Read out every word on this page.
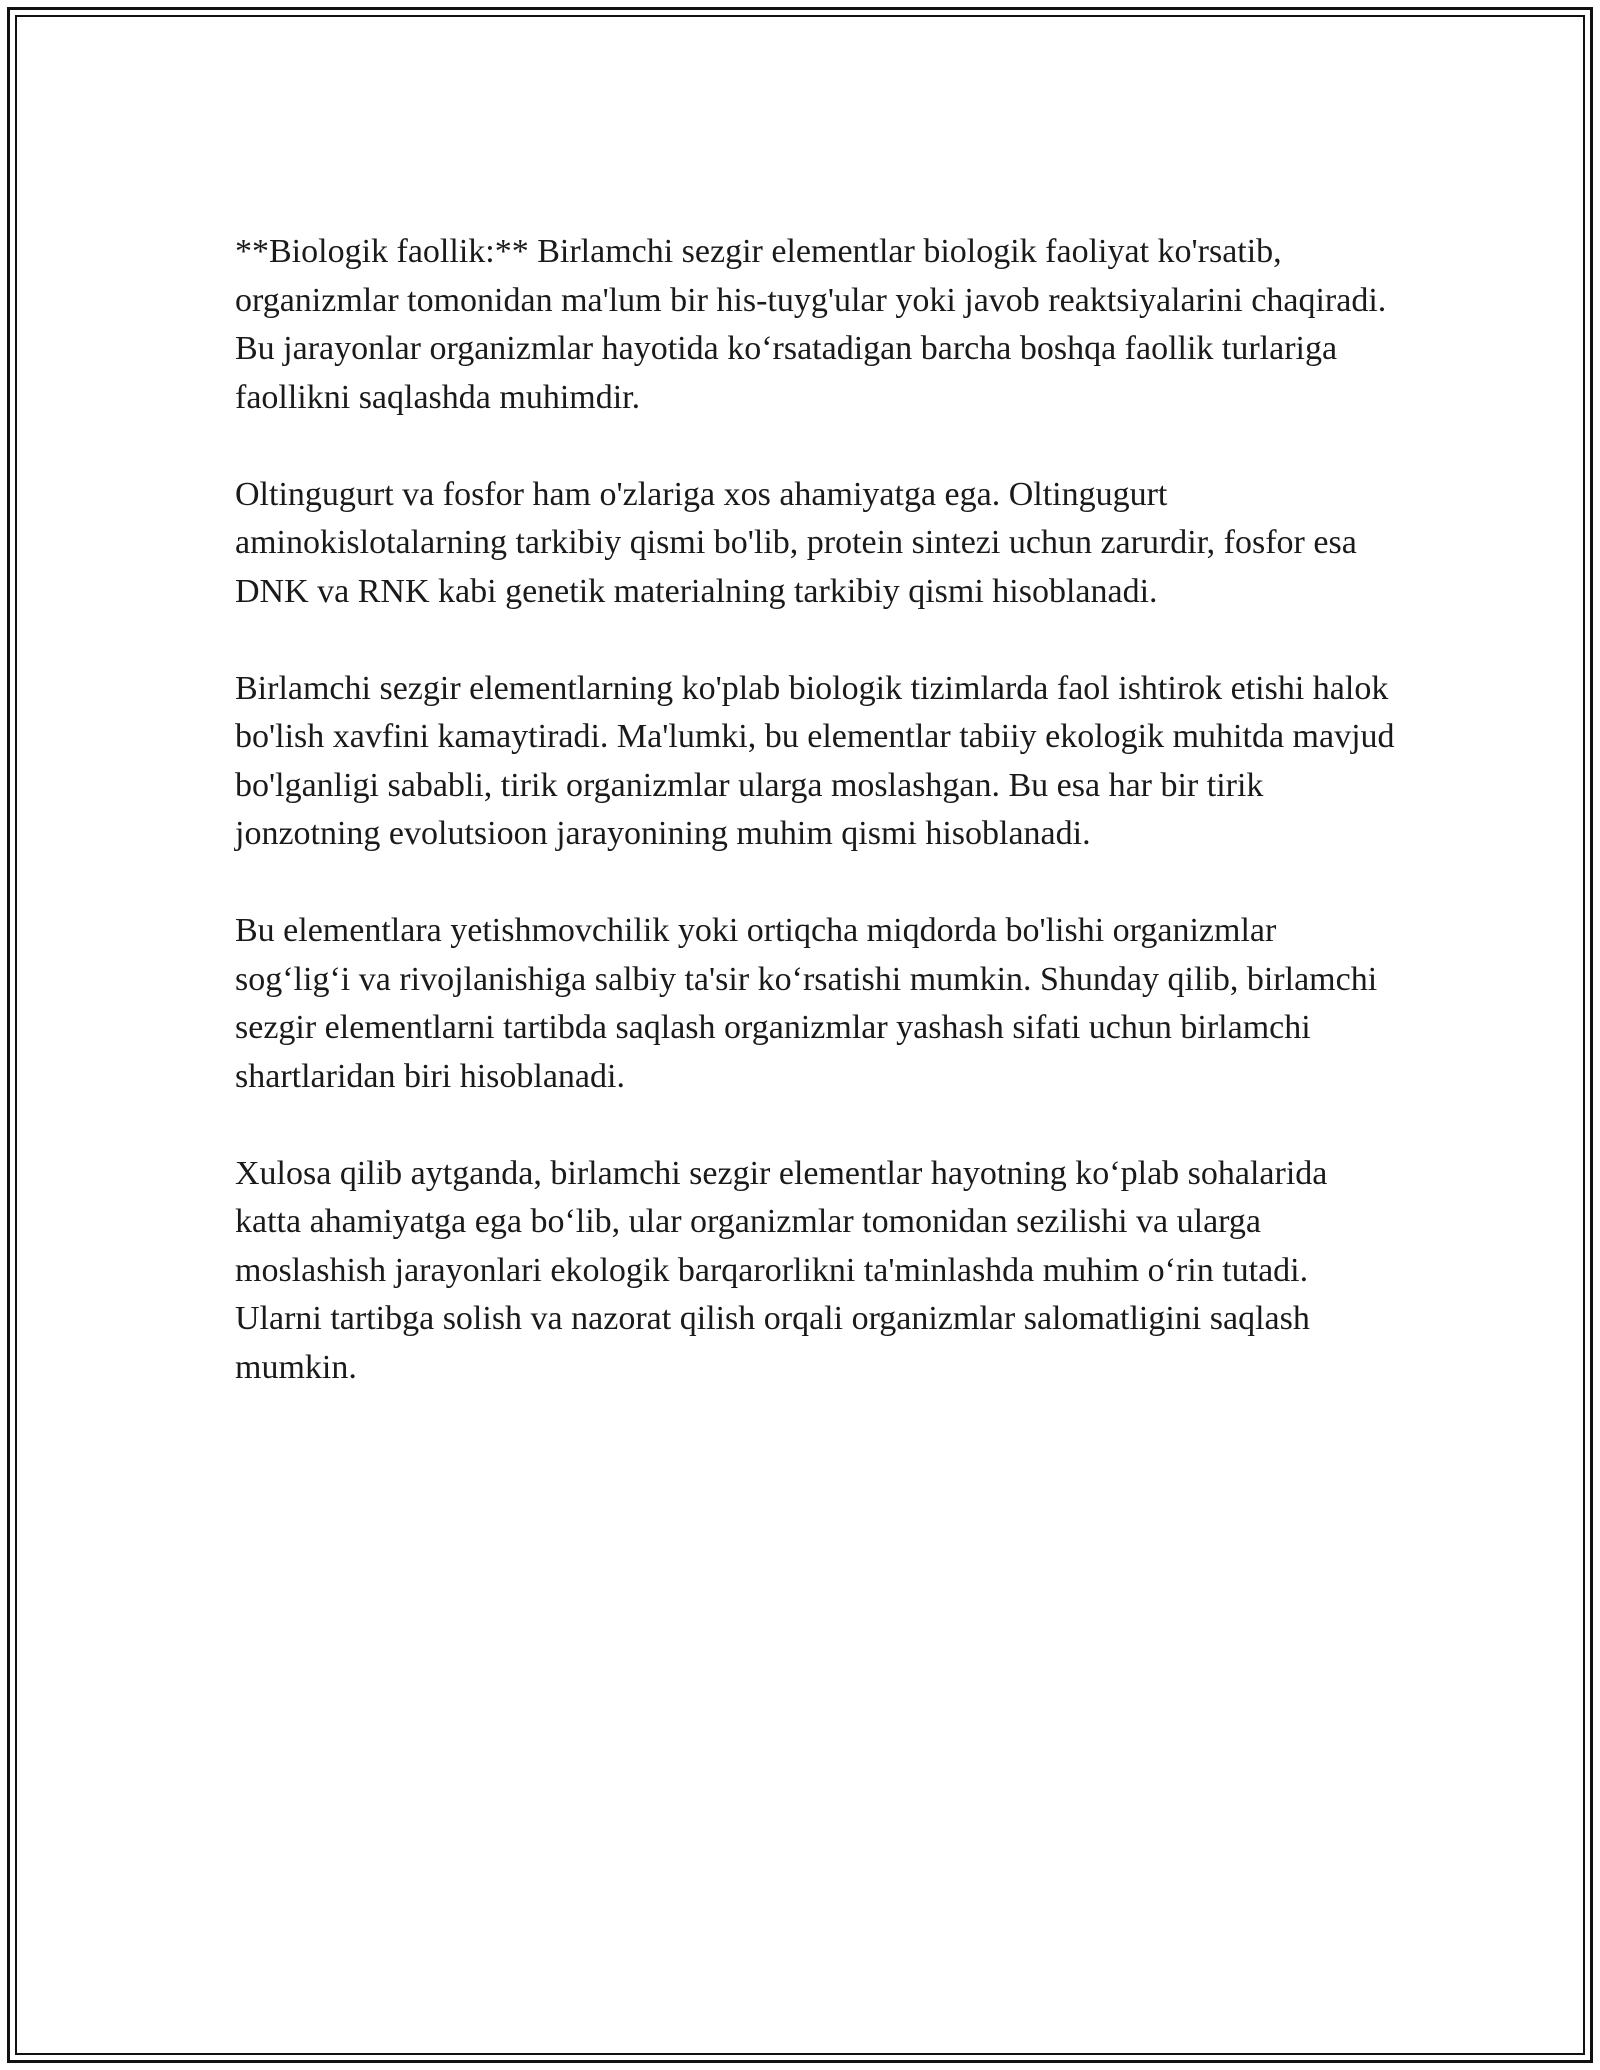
**Biologik faollik:** Birlamchi sezgir elementlar biologik faoliyat ko'rsatib, organizmlar tomonidan ma'lum bir his-tuyg'ular yoki javob reaktsiyalarini chaqiradi. Bu jarayonlar organizmlar hayotida ko‘rsatadigan barcha boshqa faollik turlariga faollikni saqlashda muhimdir.

Oltingugurt va fosfor ham o'zlariga xos ahamiyatga ega. Oltingugurt aminokislotalarning tarkibiy qismi bo'lib, protein sintezi uchun zarurdir, fosfor esa DNK va RNK kabi genetik materialning tarkibiy qismi hisoblanadi.

Birlamchi sezgir elementlarning ko'plab biologik tizimlarda faol ishtirok etishi halok bo'lish xavfini kamaytiradi. Ma'lumki, bu elementlar tabiiy ekologik muhitda mavjud bo'lganligi sababli, tirik organizmlar ularga moslashgan. Bu esa har bir tirik jonzotning evolutsioon jarayonining muhim qismi hisoblanadi.

Bu elementlara yetishmovchilik yoki ortiqcha miqdorda bo'lishi organizmlar sog‘lig‘i va rivojlanishiga salbiy ta'sir ko‘rsatishi mumkin. Shunday qilib, birlamchi sezgir elementlarni tartibda saqlash organizmlar yashash sifati uchun birlamchi shartlaridan biri hisoblanadi.

Xulosa qilib aytganda, birlamchi sezgir elementlar hayotning ko‘plab sohalarida katta ahamiyatga ega bo‘lib, ular organizmlar tomonidan sezilishi va ularga moslashish jarayonlari ekologik barqarorlikni ta'minlashda muhim o‘rin tutadi. Ularni tartibga solish va nazorat qilish orqali organizmlar salomatligini saqlash mumkin.
